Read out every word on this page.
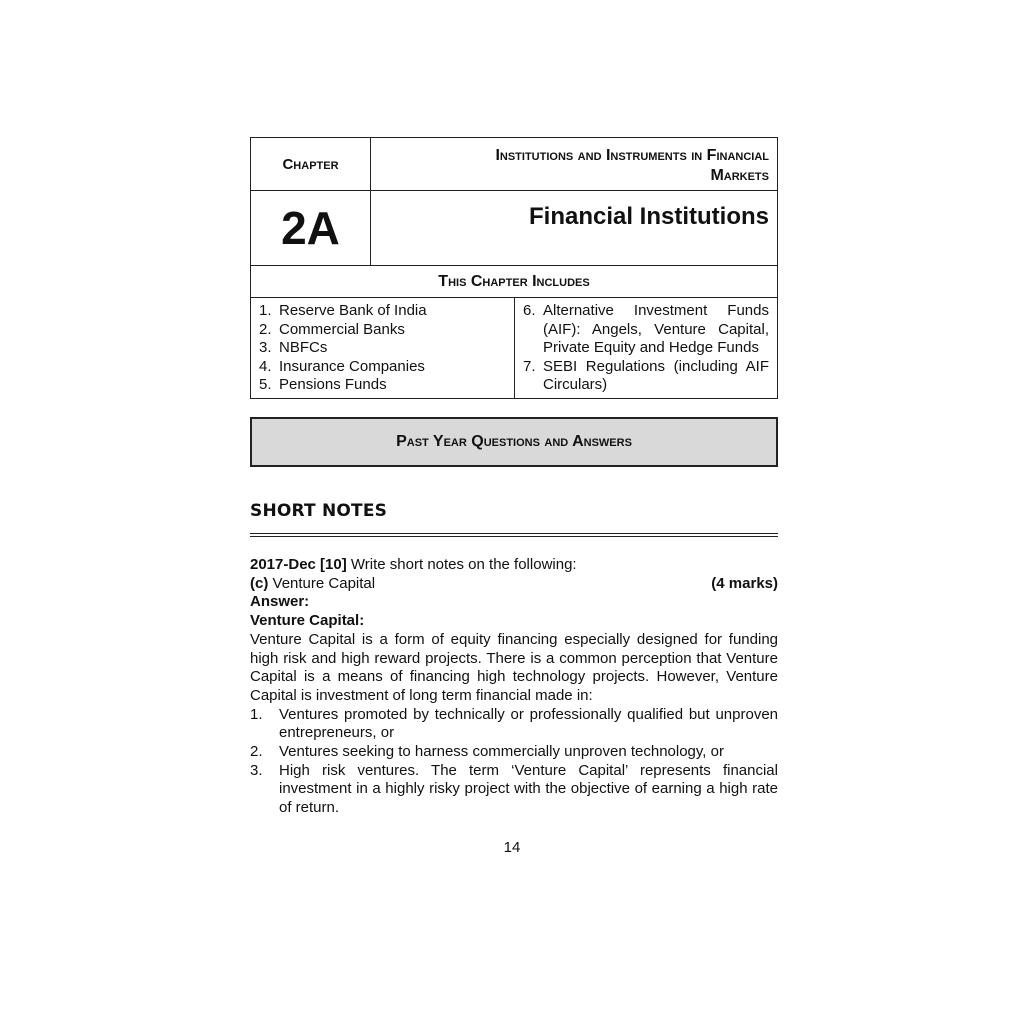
Chapter	Institutions and Instruments in Financial
Markets
2A	Financial Institutions
This Chapter Includes
1. Reserve Bank of India
2. Commercial Banks
3. NBFCs
4. Insurance Companies
5. Pensions Funds
6. Alternative Investment Funds (AIF): Angels, Venture Capital, Private Equity and Hedge Funds
7. SEBI Regulations (including AIF Circulars)
Past Year Questions and Answers
SHORT NOTES
2017-Dec [10] Write short notes on the following:
(c) Venture Capital	(4 marks)
Answer:
Venture Capital:
Venture Capital is a form of equity financing especially designed for funding high risk and high reward projects. There is a common perception that Venture Capital is a means of financing high technology projects. However, Venture Capital is investment of long term financial made in:
1.	Ventures promoted by technically or professionally qualified but unproven entrepreneurs, or
2.	Ventures seeking to harness commercially unproven technology, or
3.	High risk ventures. The term ‘Venture Capital’ represents financial investment in a highly risky project with the objective of earning a high rate of return.
14
